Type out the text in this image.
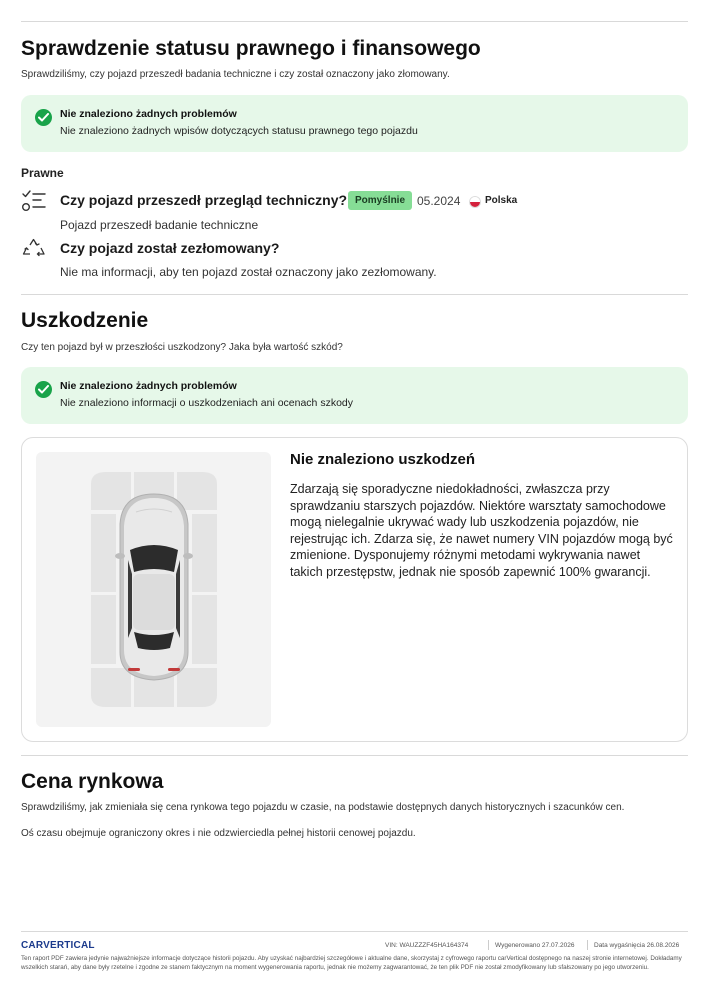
Sprawdzenie statusu prawnego i finansowego
Sprawdziliśmy, czy pojazd przeszedł badania techniczne i czy został oznaczony jako złomowany.
Nie znaleziono żadnych problemów
Nie znaleziono żadnych wpisów dotyczących statusu prawnego tego pojazdu
Prawne
Czy pojazd przeszedł przegląd techniczny? Pomyślnie 05.2024 Polska
Pojazd przeszedł badanie techniczne
Czy pojazd został zezłomowany?
Nie ma informacji, aby ten pojazd został oznaczony jako zezłomowany.
Uszkodzenie
Czy ten pojazd był w przeszłości uszkodzony? Jaka była wartość szkód?
Nie znaleziono żadnych problemów
Nie znaleziono informacji o uszkodzeniach ani ocenach szkody
Nie znaleziono uszkodzeń
Zdarzają się sporadyczne niedokładności, zwłaszcza przy sprawdzaniu starszych pojazdów. Niektóre warsztaty samochodowe mogą nielegalnie ukrywać wady lub uszkodzenia pojazdów, nie rejestrując ich. Zdarza się, że nawet numery VIN pojazdów mogą być zmienione. Dysponujemy różnymi metodami wykrywania nawet takich przestępstw, jednak nie sposób zapewnić 100% gwarancji.
Cena rynkowa
Sprawdziliśmy, jak zmieniała się cena rynkowa tego pojazdu w czasie, na podstawie dostępnych danych historycznych i szacunków cen.
Oś czasu obejmuje ograniczony okres i nie odzwierciedla pełnej historii cenowej pojazdu.
CARVERTICAL	VIN: WAUZZZF45HA164374	Wygenerowano 27.07.2026	Data wygaśnięcia 26.08.2026
Ten raport PDF zawiera jedynie najważniejsze informacje dotyczące historii pojazdu. Aby uzyskać najbardziej szczegółowe i aktualne dane, skorzystaj z cyfrowego raportu carVertical dostępnego na naszej stronie internetowej. Dokładamy wszelkich starań, aby dane były rzetelne i zgodne ze stanem faktycznym na moment wygenerowania raportu, jednak nie możemy zagwarantować, że ten plik PDF nie został zmodyfikowany lub sfałszowany po jego utworzeniu.
